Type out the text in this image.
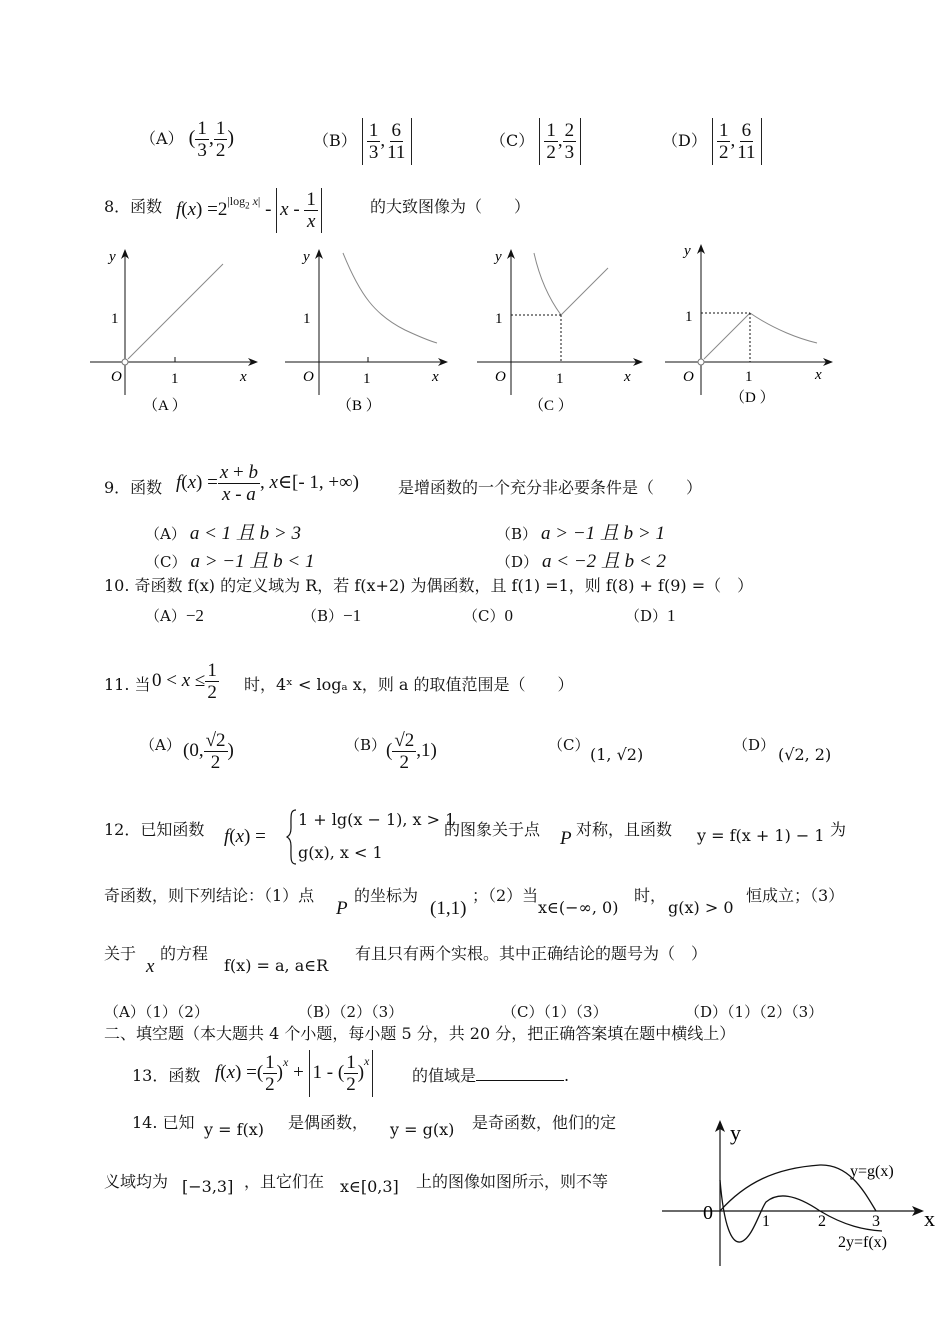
（A） ( $\frac{1}{3}$ , $\frac{1}{2}$ )	$(B) \frac{1}{3}$ , $\frac{6}{11}$	$(C) \frac{1}{2}$ , $\frac{2}{3}$	$(D) \frac{1}{2}$ , $\frac{6}{11}$
8．函数 $f(x) =2^{|log_2 x|} - x - \frac{1}{x}$	的大致图像为（　　）
y
1
O	1	x
（A ）
y
1
O	1	x
（B ）
y
1
O	1	x
（C ）
y
1
O	1	x
（D ）
9．函数 $f(x) = \frac{x + b}{x - a}$ , x∈[- 1, +∞) 是增函数的一个充分非必要条件是（　　）
（A） a < 1 且 b > 3	（B） a > −1 且 b > 1
（C） a > −1 且 b < 1	（D） a < −2 且 b < 2
10. 奇函数 f(x) 的定义域为 R，若 f(x+2) 为偶函数，且 f(1) =1，则 f(8) + f(9) =（　）
（A）−2	（B）−1	（C）0	（D）1
11. 当 $0 < x \le \frac{1}{2}$ 时，4ˣ < logₐ x，则 a 的取值范围是（　　）
（A） (0, $\frac{√2}{2}$ )	（B） ( $\frac{√2}{2} ,1$)	（C） (1, √2)	（D） (√2, 2)
12．已知函数 f(x) =
1 + lg(x − 1), x > 1
g(x), x < 1
的图象关于点 P 对称，且函数 y = f(x + 1) − 1 为
奇函数，则下列结论：（1）点
P
的坐标为
(1,1)
；（2）当
x∈(−∞, 0)
时，
g(x) > 0
恒成立；（3）
关于
x
的方程
f(x) = a, a∈R
有且只有两个实根。其中正确结论的题号为（　）
（A）（1）（2）	（B）（2）（3）	（C）（1）（3）	（D）（1）（2）（3）
二、填空题（本大题共 4 个小题，每小题 5 分，共 20 分，把正确答案填在题中横线上）
13．函数 f(x) =( $\frac{1}{2} )^x + 1$ - ( $\frac{1}{2} )^x$
的值域是	.
14. 已知 y = f(x) 是偶函数， y = g(x) 是奇函数，他们的定
义域均为 [−3,3] ，且它们在 x∈[0,3] 上的图像如图所示，则不等
y
x
0	1	2	3
y=g(x)
2y=f(x)
